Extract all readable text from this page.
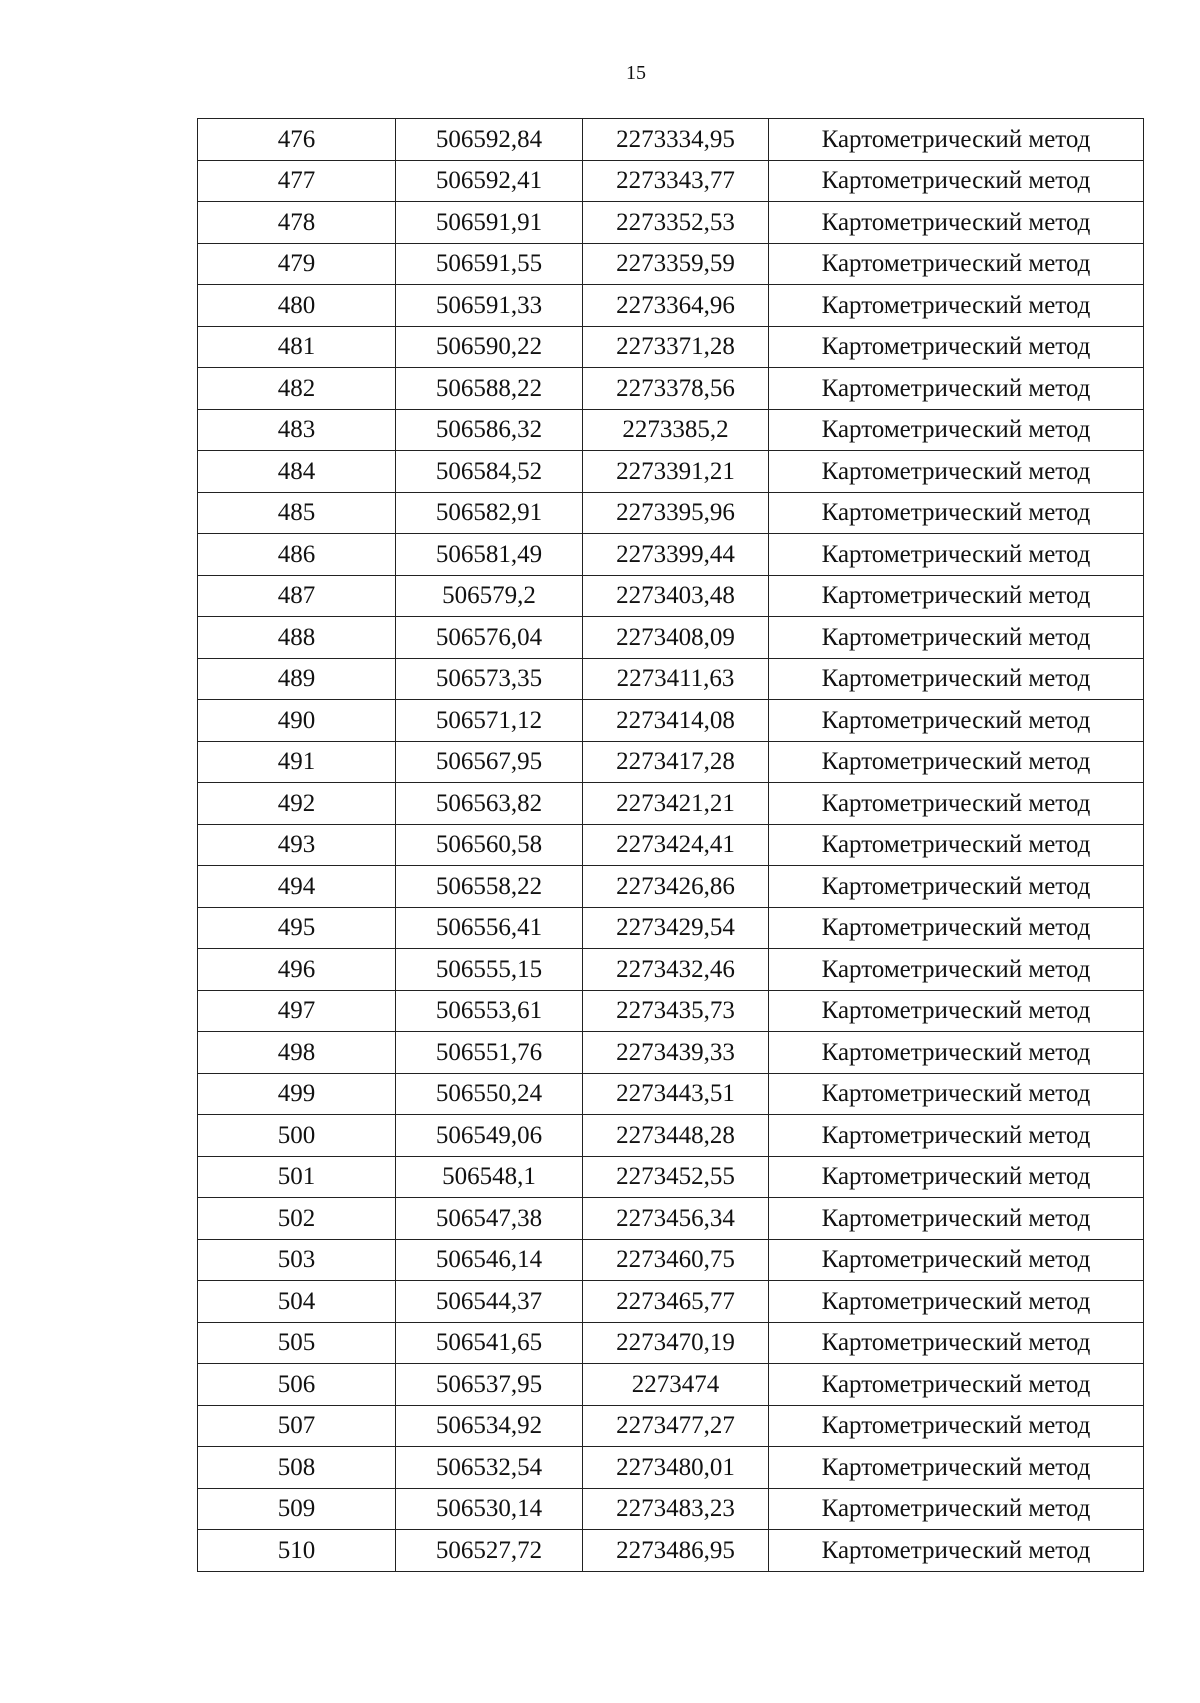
15
476	506592,84	2273334,95	Картометрический метод
477	506592,41	2273343,77	Картометрический метод
478	506591,91	2273352,53	Картометрический метод
479	506591,55	2273359,59	Картометрический метод
480	506591,33	2273364,96	Картометрический метод
481	506590,22	2273371,28	Картометрический метод
482	506588,22	2273378,56	Картометрический метод
483	506586,32	2273385,2	Картометрический метод
484	506584,52	2273391,21	Картометрический метод
485	506582,91	2273395,96	Картометрический метод
486	506581,49	2273399,44	Картометрический метод
487	506579,2	2273403,48	Картометрический метод
488	506576,04	2273408,09	Картометрический метод
489	506573,35	2273411,63	Картометрический метод
490	506571,12	2273414,08	Картометрический метод
491	506567,95	2273417,28	Картометрический метод
492	506563,82	2273421,21	Картометрический метод
493	506560,58	2273424,41	Картометрический метод
494	506558,22	2273426,86	Картометрический метод
495	506556,41	2273429,54	Картометрический метод
496	506555,15	2273432,46	Картометрический метод
497	506553,61	2273435,73	Картометрический метод
498	506551,76	2273439,33	Картометрический метод
499	506550,24	2273443,51	Картометрический метод
500	506549,06	2273448,28	Картометрический метод
501	506548,1	2273452,55	Картометрический метод
502	506547,38	2273456,34	Картометрический метод
503	506546,14	2273460,75	Картометрический метод
504	506544,37	2273465,77	Картометрический метод
505	506541,65	2273470,19	Картометрический метод
506	506537,95	2273474	Картометрический метод
507	506534,92	2273477,27	Картометрический метод
508	506532,54	2273480,01	Картометрический метод
509	506530,14	2273483,23	Картометрический метод
510	506527,72	2273486,95	Картометрический метод
